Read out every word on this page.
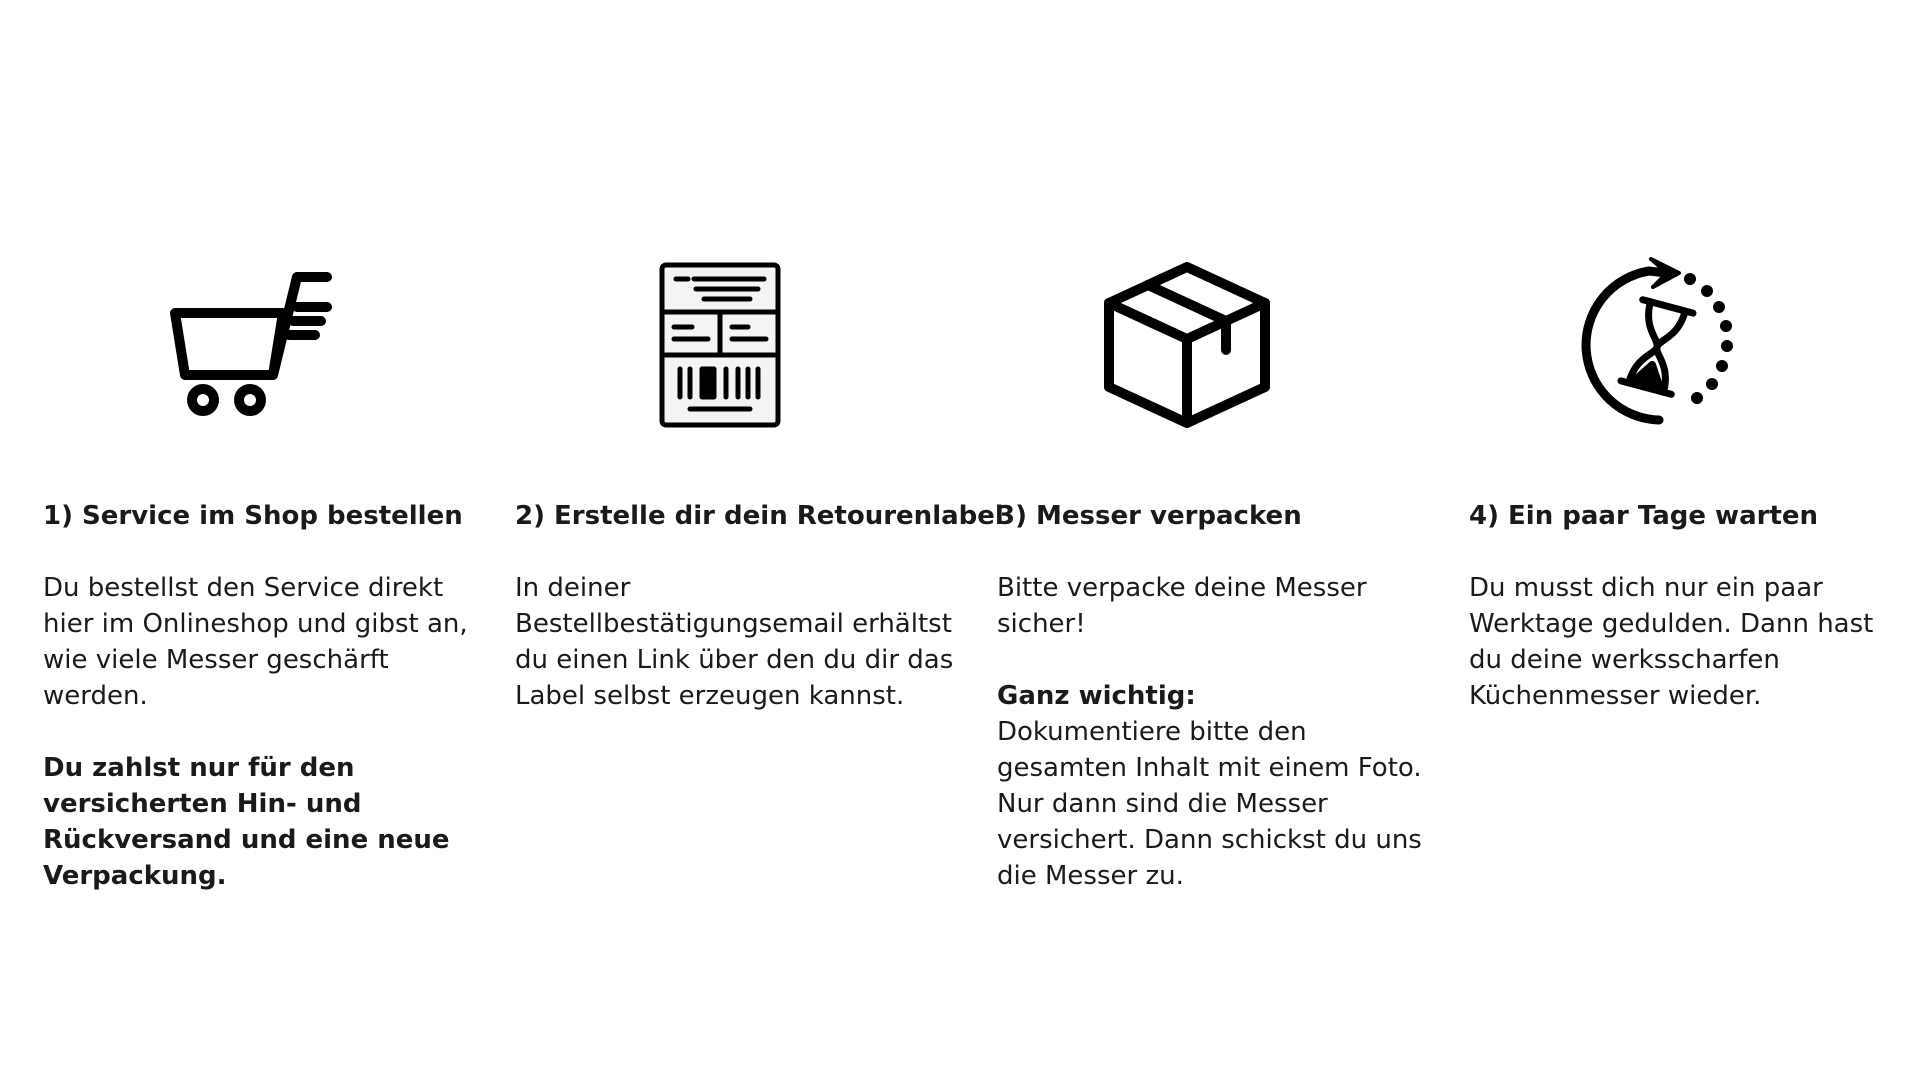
1) Service im Shop bestellen

Du bestellst den Service direkt hier im Onlineshop und gibst an, wie viele Messer geschärft werden.

Du zahlst nur für den versicherten Hin- und Rückversand und eine neue Verpackung.

2) Erstelle dir dein Retourenlabel

In deiner Bestellbestätigungsemail erhältst du einen Link über den du dir das Label selbst erzeugen kannst.

3) Messer verpacken

Bitte verpacke deine Messer sicher!

Ganz wichtig:

Dokumentiere bitte den gesamten Inhalt mit einem Foto. Nur dann sind die Messer versichert. Dann schickst du uns die Messer zu.

4) Ein paar Tage warten

Du musst dich nur ein paar Werktage gedulden. Dann hast du deine werksscharfen Küchenmesser wieder.
